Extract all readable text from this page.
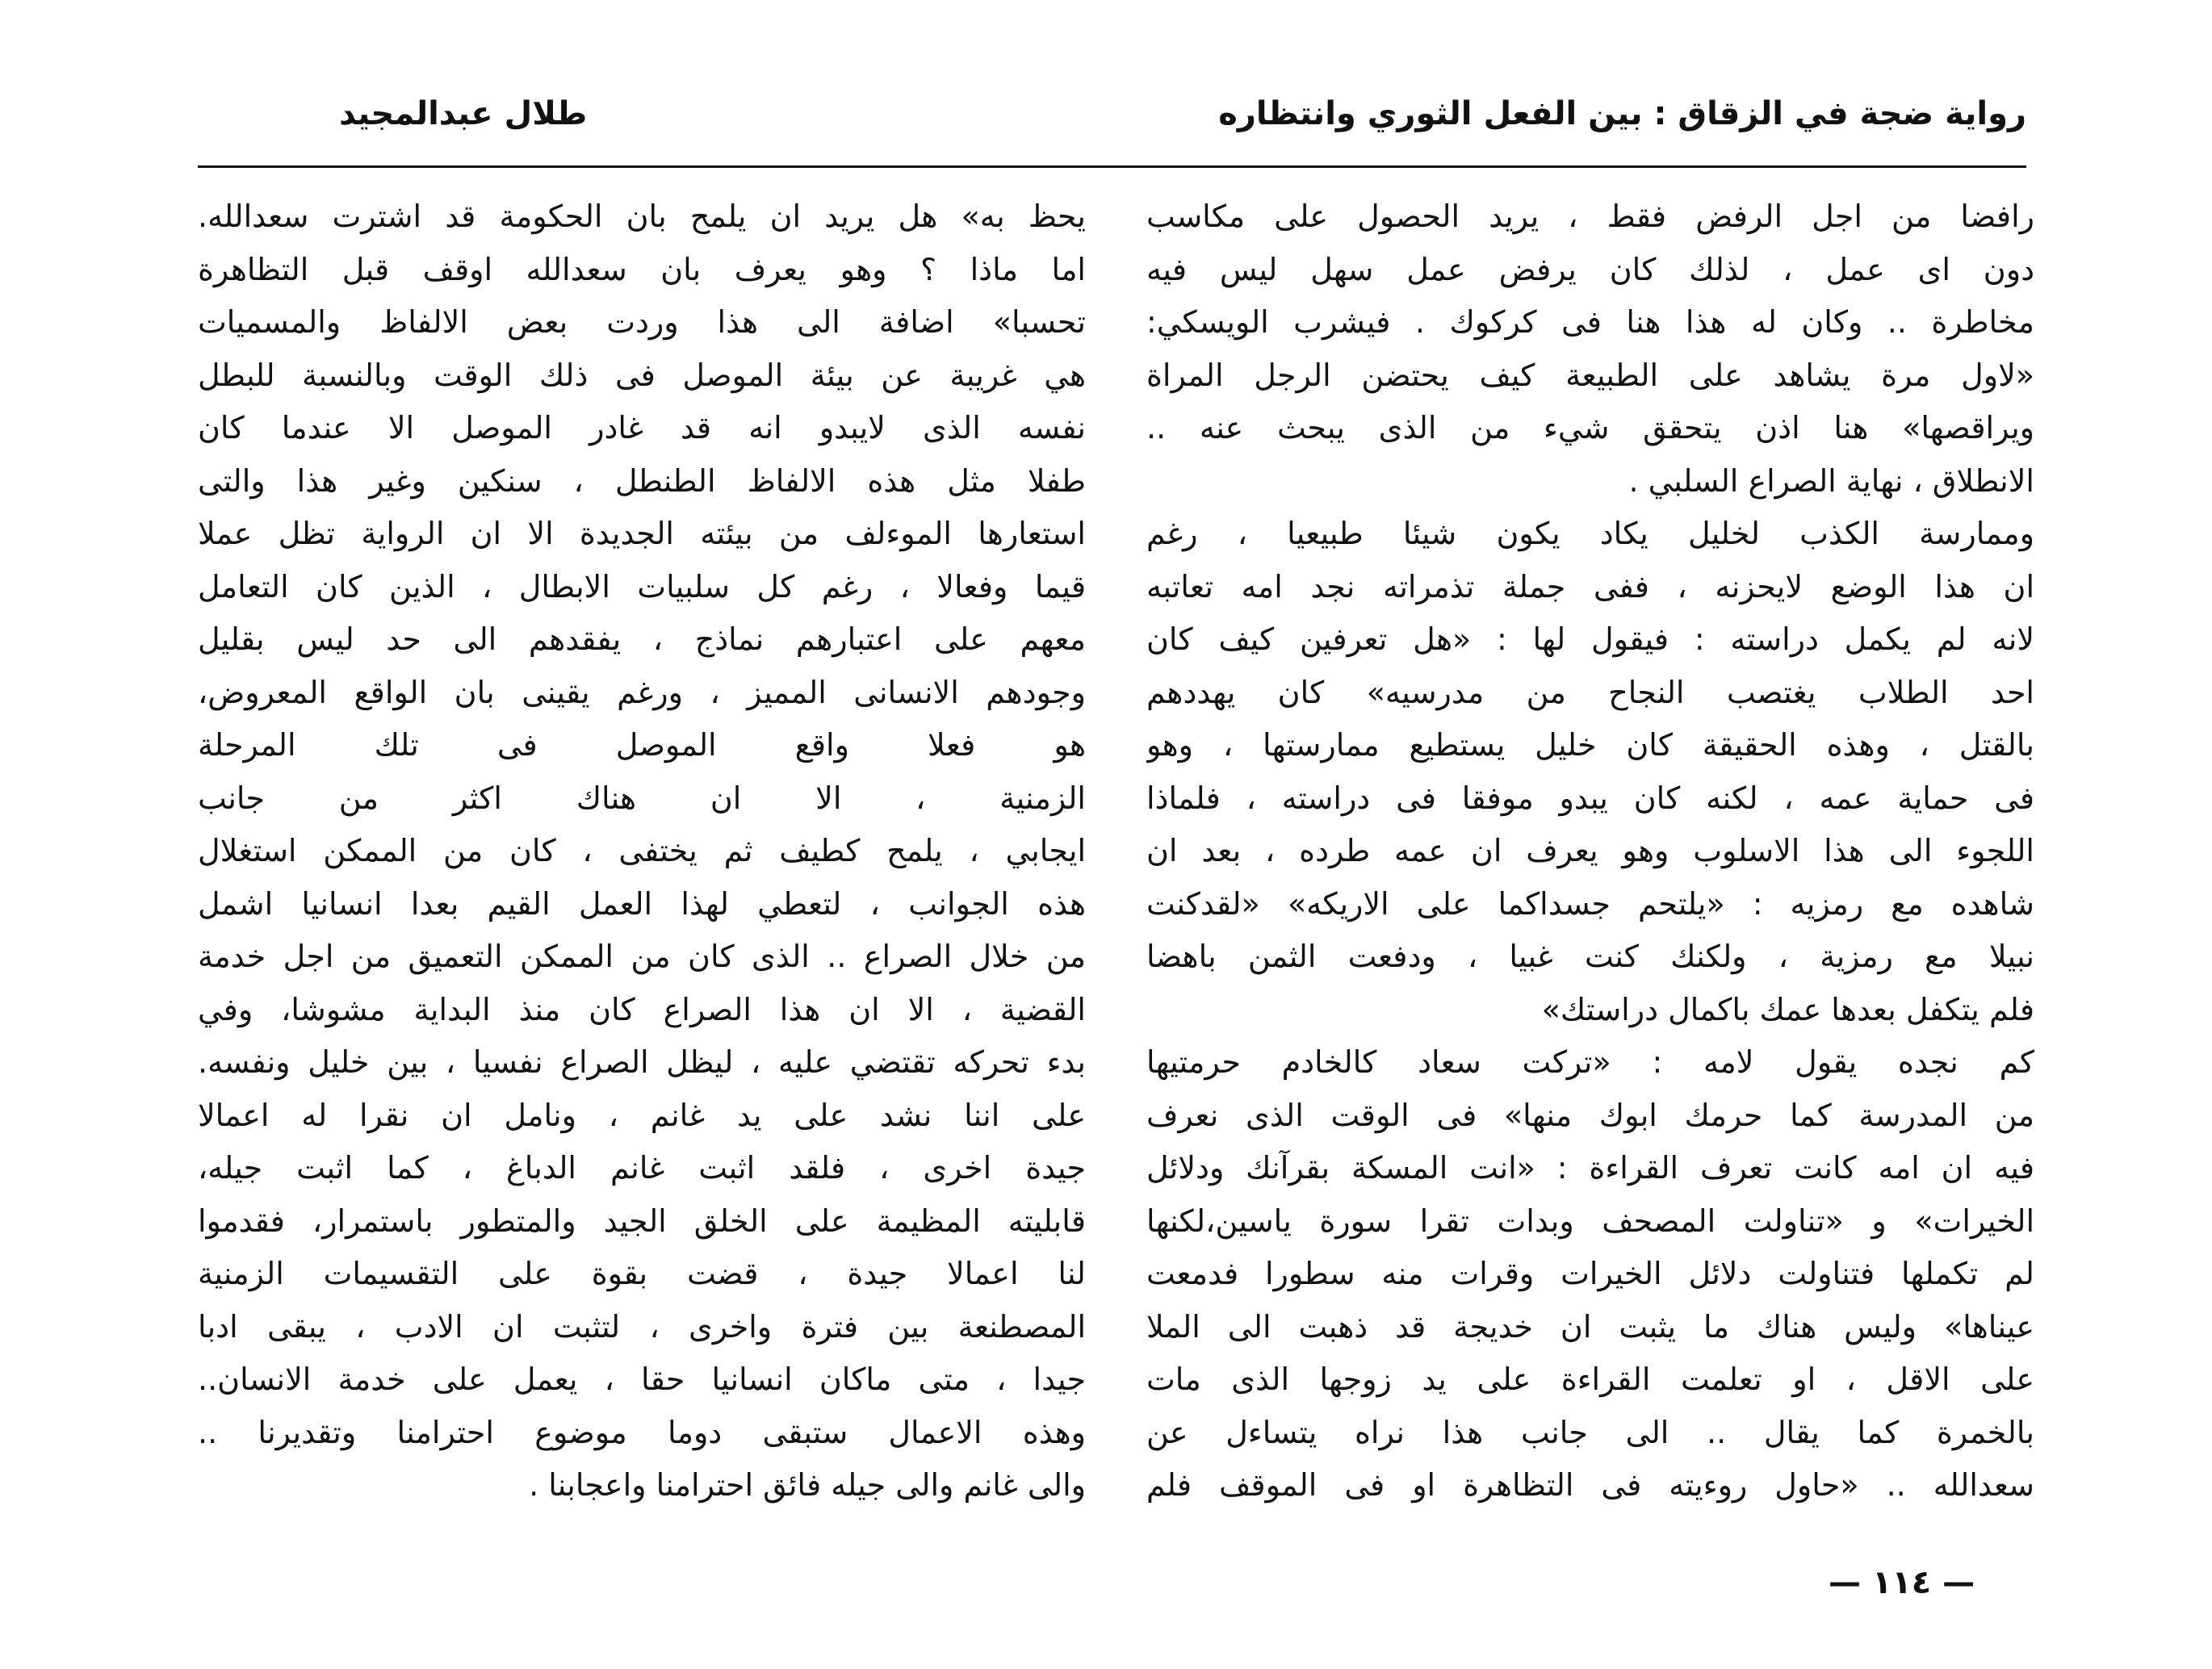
رواية ضجة في الزقاق : بين الفعل الثوري وانتظاره
طلال عبدالمجيد
رافضا من اجل الرفض فقط ، يريد الحصول على مكاسب
دون اى عمل ، لذلك كان يرفض عمل سهل ليس فيه
مخاطرة .. وكان له هذا هنا فى كركوك . فيشرب الويسكي:
«لاول مرة يشاهد على الطبيعة كيف يحتضن الرجل المراة
ويراقصها» هنا اذن يتحقق شيء من الذى يبحث عنه ..
الانطلاق ، نهاية الصراع السلبي .
وممارسة الكذب لخليل يكاد يكون شيئا طبيعيا ، رغم
ان هذا الوضع لايحزنه ، ففى جملة تذمراته نجد امه تعاتبه
لانه لم يكمل دراسته : فيقول لها : «هل تعرفين كيف كان
احد الطلاب يغتصب النجاح من مدرسيه» كان يهددهم
بالقتل ، وهذه الحقيقة كان خليل يستطيع ممارستها ، وهو
فى حماية عمه ، لكنه كان يبدو موفقا فى دراسته ، فلماذا
اللجوء الى هذا الاسلوب وهو يعرف ان عمه طرده ، بعد ان
شاهده مع رمزيه : «يلتحم جسداكما على الاريكه» «لقدكنت
نبيلا مع رمزية ، ولكنك كنت غبيا ، ودفعت الثمن باهضا
فلم يتكفل بعدها عمك باكمال دراستك»
كم نجده يقول لامه : «تركت سعاد كالخادم حرمتيها
من المدرسة كما حرمك ابوك منها» فى الوقت الذى نعرف
فيه ان امه كانت تعرف القراءة : «انت المسكة بقرآنك ودلائل
الخيرات» و «تناولت المصحف وبدات تقرا سورة ياسين،لكنها
لم تكملها فتناولت دلائل الخيرات وقرات منه سطورا فدمعت
عيناها» وليس هناك ما يثبت ان خديجة قد ذهبت الى الملا
على الاقل ، او تعلمت القراءة على يد زوجها الذى مات
بالخمرة كما يقال .. الى جانب هذا نراه يتساءل عن
سعدالله .. «حاول روءيته فى التظاهرة او فى الموقف فلم
يحظ به» هل يريد ان يلمح بان الحكومة قد اشترت سعدالله.
اما ماذا ؟ وهو يعرف بان سعدالله اوقف قبل التظاهرة
تحسبا» اضافة الى هذا وردت بعض الالفاظ والمسميات
هي غريبة عن بيئة الموصل فى ذلك الوقت وبالنسبة للبطل
نفسه الذى لايبدو انه قد غادر الموصل الا عندما كان
طفلا مثل هذه الالفاظ الطنطل ، سنكين وغير هذا والتى
استعارها الموءلف من بيئته الجديدة الا ان الرواية تظل عملا
قيما وفعالا ، رغم كل سلبيات الابطال ، الذين كان التعامل
معهم على اعتبارهم نماذج ، يفقدهم الى حد ليس بقليل
وجودهم الانسانى المميز ، ورغم يقينى بان الواقع المعروض،
هو فعلا واقع الموصل فى تلك المرحلة
الزمنية ، الا ان هناك اكثر من جانب
ايجابي ، يلمح كطيف ثم يختفى ، كان من الممكن استغلال
هذه الجوانب ، لتعطي لهذا العمل القيم بعدا انسانيا اشمل
من خلال الصراع .. الذى كان من الممكن التعميق من اجل خدمة
القضية ، الا ان هذا الصراع كان منذ البداية مشوشا، وفي
بدء تحركه تقتضي عليه ، ليظل الصراع نفسيا ، بين خليل ونفسه.
على اننا نشد على يد غانم ، ونامل ان نقرا له اعمالا
جيدة اخرى ، فلقد اثبت غانم الدباغ ، كما اثبت جيله،
قابليته المظيمة على الخلق الجيد والمتطور باستمرار، فقدموا
لنا اعمالا جيدة ، قضت بقوة على التقسيمات الزمنية
المصطنعة بين فترة واخرى ، لتثبت ان الادب ، يبقى ادبا
جيدا ، متى ماكان انسانيا حقا ، يعمل على خدمة الانسان..
وهذه الاعمال ستبقى دوما موضوع احترامنا وتقديرنا ..
والى غانم والى جيله فائق احترامنا واعجابنا .
— ١١٤ —
